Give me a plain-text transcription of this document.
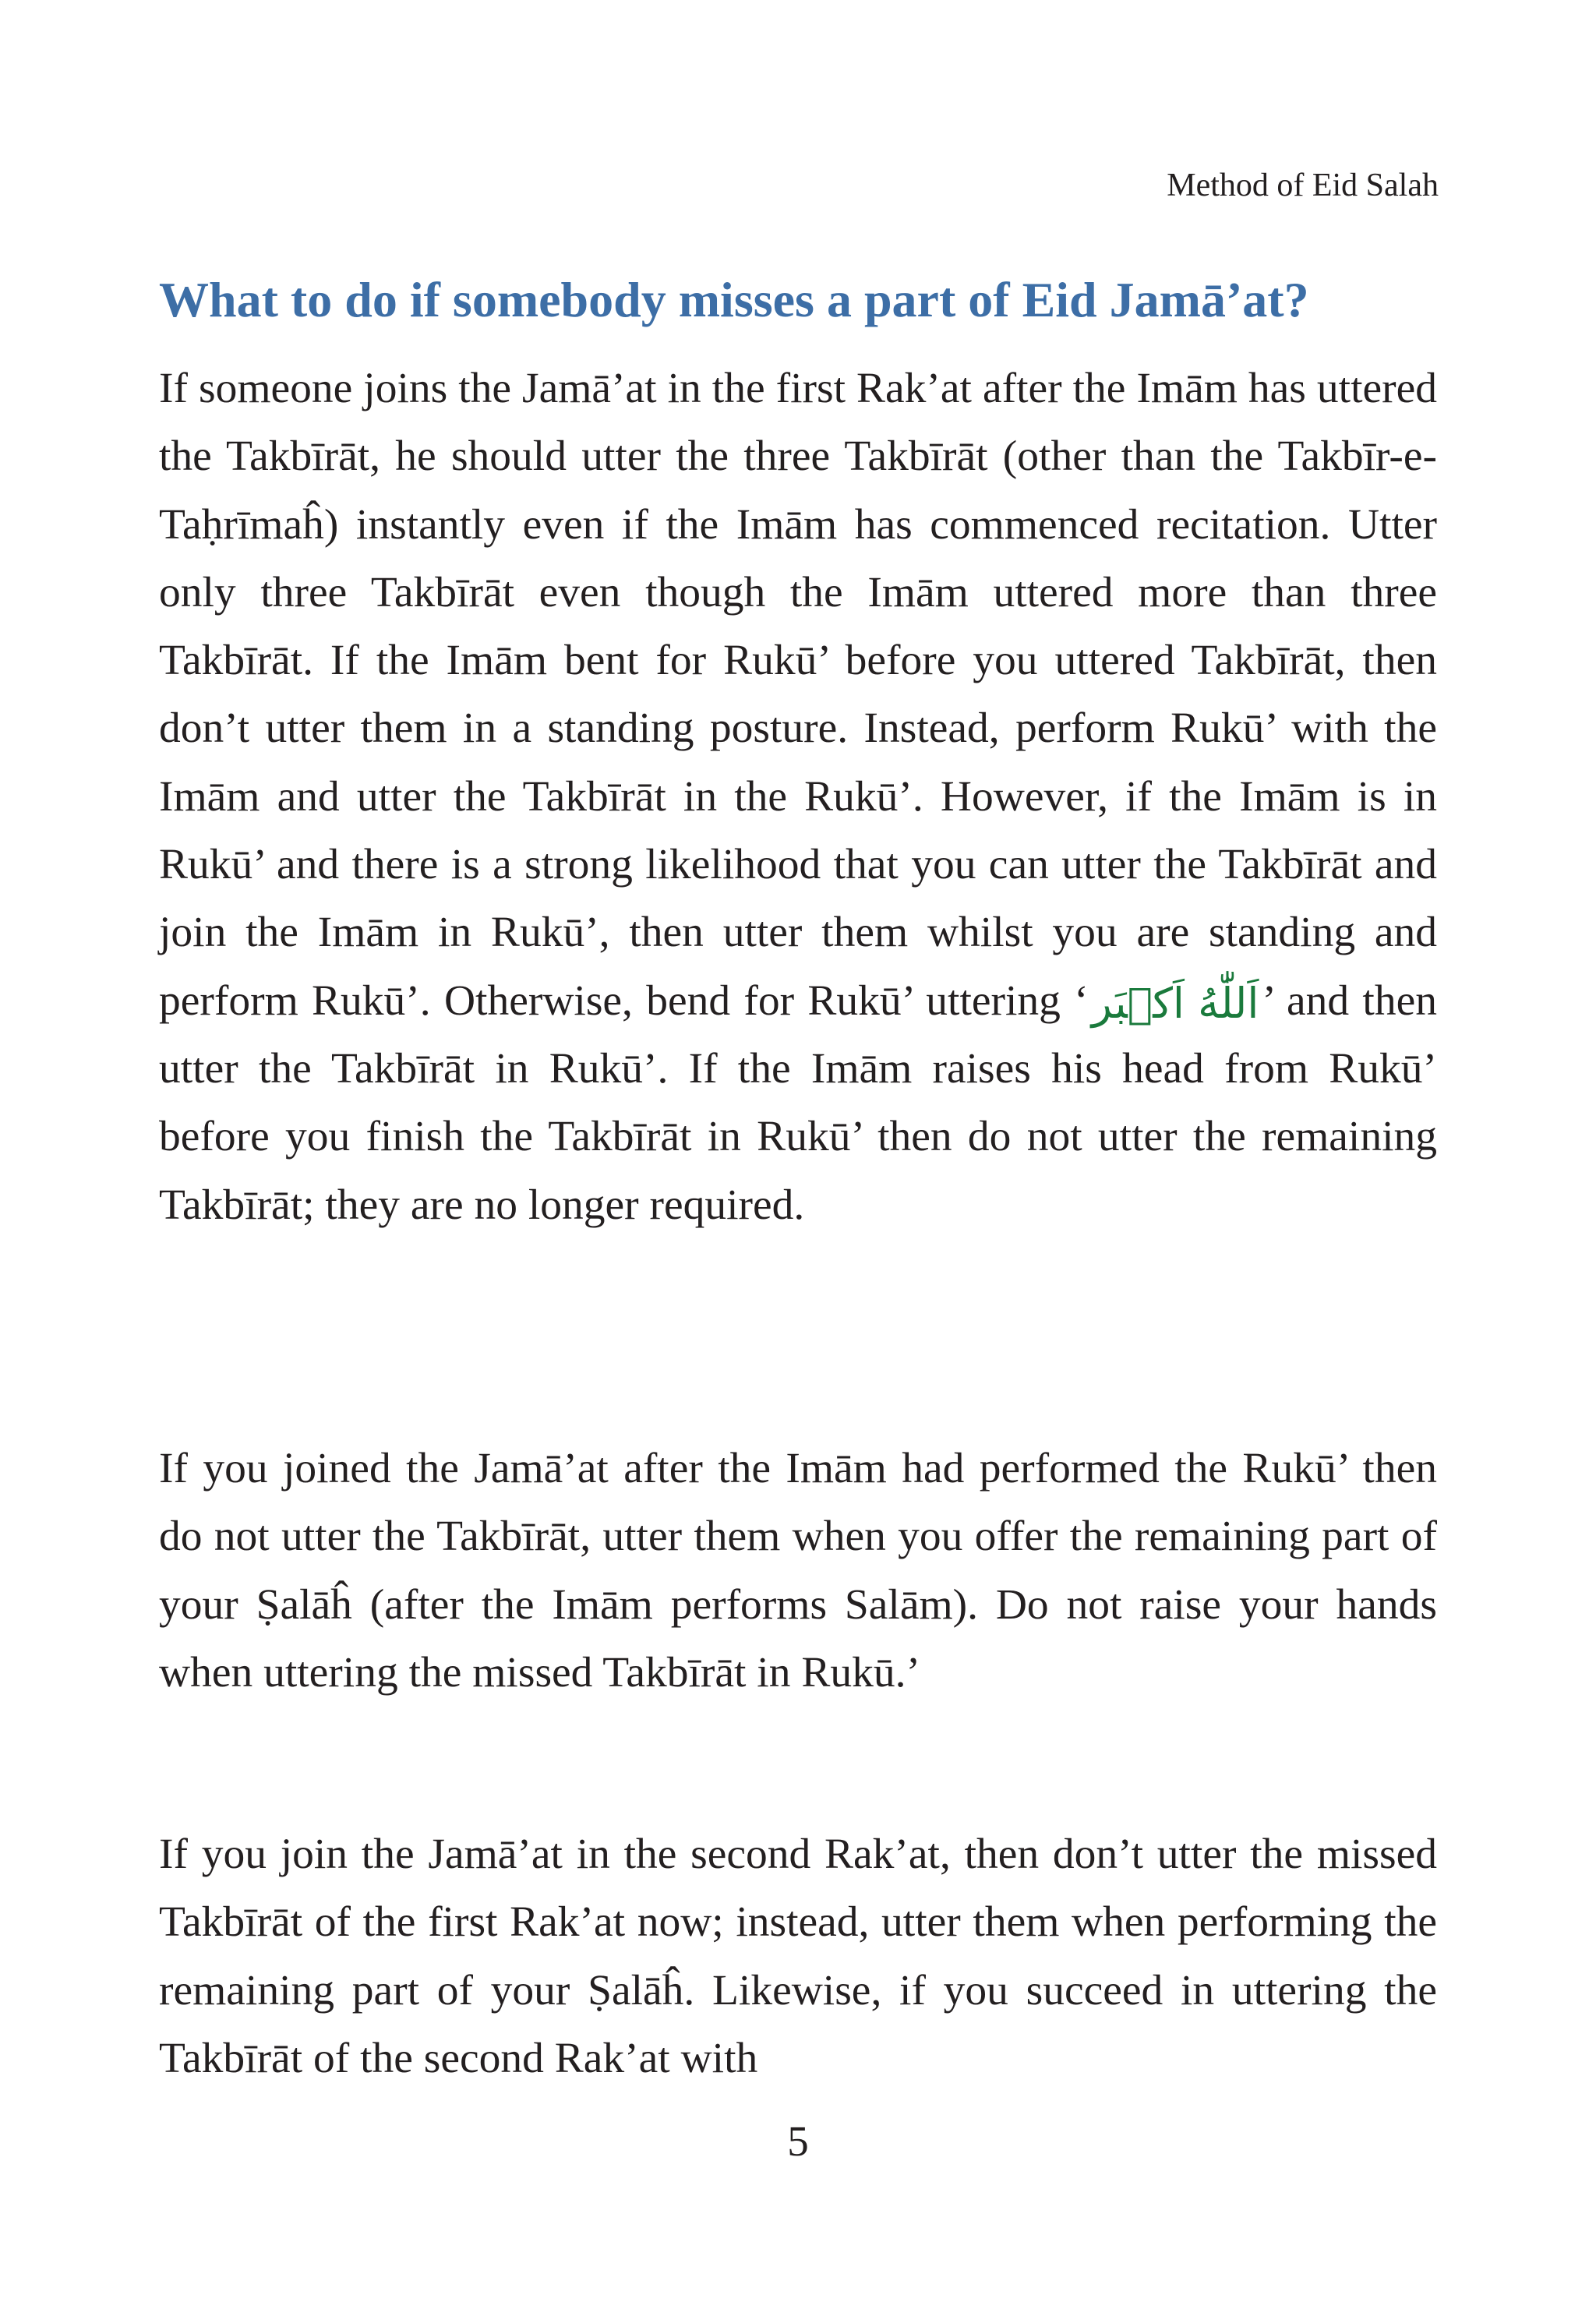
Method of Eid Salah
What to do if somebody misses a part of Eid Jamā’at?

If someone joins the Jamā’at in the first Rak’at after the Imām has uttered the Takbīrāt, he should utter the three Takbīrāt (other than the Takbīr-e-Taḥrīmaĥ) instantly even if the Imām has commenced recitation. Utter only three Takbīrāt even though the Imām uttered more than three Takbīrāt. If the Imām bent for Rukū’ before you uttered Takbīrāt, then don’t utter them in a standing posture. Instead, perform Rukū’ with the Imām and utter the Takbīrāt in the Rukū’. However, if the Imām is in Rukū’ and there is a strong likelihood that you can utter the Takbīrāt and join the Imām in Rukū’, then utter them whilst you are standing and perform Rukū’. Otherwise, bend for Rukū’ uttering ‘اَللّٰهُ اَكۡبَر’ and then utter the Takbīrāt in Rukū’. If the Imām raises his head from Rukū’ before you finish the Takbīrāt in Rukū’ then do not utter the remaining Takbīrāt; they are no longer required.

If you joined the Jamā’at after the Imām had performed the Rukū’ then do not utter the Takbīrāt, utter them when you offer the remaining part of your Ṣalāĥ (after the Imām performs Salām). Do not raise your hands when uttering the missed Takbīrāt in Rukū.’

If you join the Jamā’at in the second Rak’at, then don’t utter the missed Takbīrāt of the first Rak’at now; instead, utter them when performing the remaining part of your Ṣalāĥ. Likewise, if you succeed in uttering the Takbīrāt of the second Rak’at with

5
